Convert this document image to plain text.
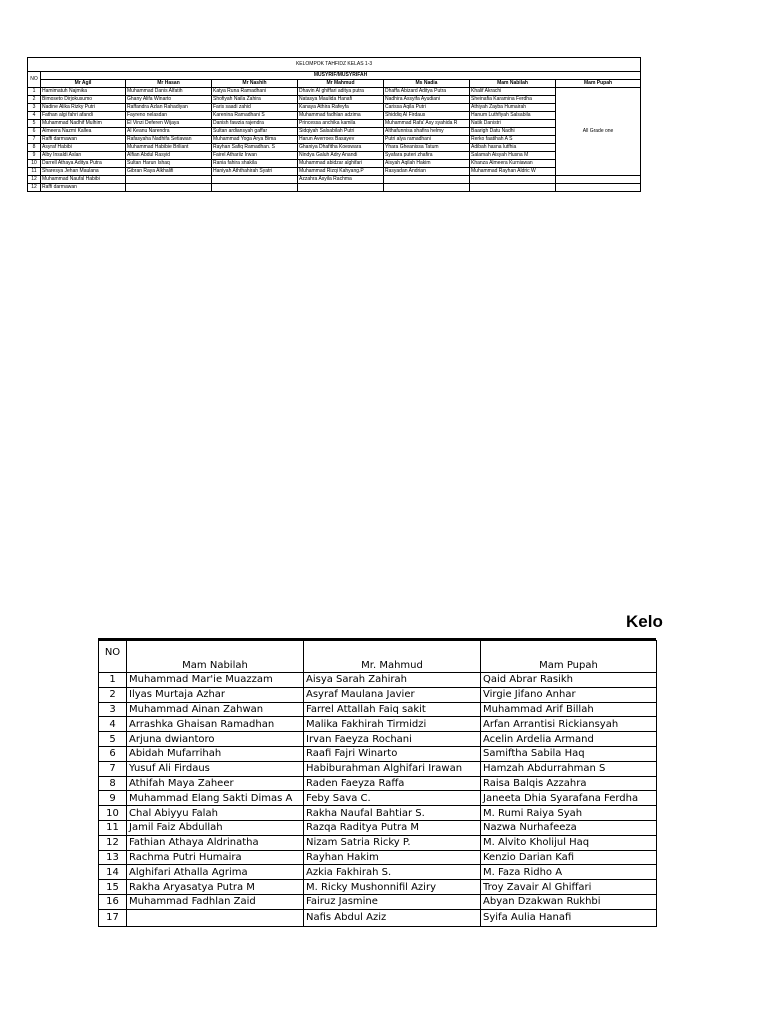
KELOMPOK TAHFIDZ KELAS 1-3							
NO	MUSYRIF/MUSYRIFAH						
	Mr Agil	Mr Hasan	Mr Nashih	Mr Mahmud	Ms Nadia	Mam Nabilah	Mam Pupah
1	Hamimatuh Najmika	Muhammad Danis Alfatih	Katya Runa Ramadhani	Dhavin Al ghiffari aditya putra	Dhaffa Abizard Aditya Putra	Khalif Akrachi	All Grade one
2	Bimoseto Dirjokusumo	Ghany Alifa Winarto	Shofiyah Naila Zahira	Natasya Maulida Hanafi	Nadhira Assyifa Ayudiani	Sheinafia Karamina Ferdha	
3	Nadine Alika Rizky Putri	Raffandra Azlan Rahadiyan	Faris saadi zahid	Kanaya Athira Rafeyfa	Carissa Aqila Putri	Athiyah Zayba Humairah	
4	Fathan algi fahri afandi	Fayreno nelasdan	Karenina Ramadhani S	Muhammad fadhlan adzima	Shiddiq Al Firdaus	Hanum Luthfiyah Salsabila	
5	Muhammad Nadhif Mulhim	El Vinzi Deferen Wijaya	Danish fawzia rajendra	Princessa anchika kamila	Muhammad Rafa' Asy syahida R	Natik Danistri	
6	Almeera Nazmi Kallea	Al Keanu Narendra	Sultan ardiansyah gaffar	Sidqiyah Salsabilah Putri	Althafunnisa shafira helmy	Baarigh Datu Nadhi	
7	Raffi darmawan	Rafasyaha Nadhifa Setiawan	Muhammad Yoga Arya Bima	Harun Averroes Basayev	Putri alya ramadhani	Rerko faatihah A S	
8	Asyraf Habibi	Muhammad Habibie Briliant	Rayhan Safiq Ramadhan. S	Ghaniya Dhafitha Koeswara	Yhara Gheanissa Tatum	Adibah hasna lutfhia	
9	Alby Insaldi Aslan	Alfian Abdul Rasyid	Fairel Athariiz Irwan	Nindya Galuh Adry Anandi	Syafara puteri zhafira	Salamah Aisyah Husna M	
10	Darrell Athaya Aditya Putra	Sultan Harun Ishaq	Rania fahira shakila	Muhammad abidzar alghifari	Aisyah Aqilah Hakim	Khanza Almeera Kurniawan	
11	Sharesya Jehan Maulana	Gibran Raya Alkhalifi	Haniyah Aththahirah Syatri	Muhammad Rizqi Kahyang.P	Rasyadan Andrian	Muhammad Rayhan Aldric W	
12	Muhammad Naufal Habibi			Azzahra Asyila Rachma			
12	Raffi darmawan						
Kelo
NO	Mam Nabilah	Mr. Mahmud	Mam Pupah
1	Muhammad Mar'ie Muazzam	Aisya Sarah Zahirah	Qaid Abrar Rasikh
2	Ilyas Murtaja Azhar	Asyraf Maulana Javier	Virgie Jifano Anhar
3	Muhammad Ainan Zahwan	Farrel Attallah Faiq sakit	Muhammad Arif Billah
4	Arrashka Ghaisan Ramadhan	Malika Fakhirah Tirmidzi	Arfan Arrantisi Rickiansyah
5	Arjuna dwiantoro	Irvan Faeyza Rochani	Acelin Ardelia Armand
6	Abidah Mufarrihah	Raafi Fajri Winarto	Samiftha Sabila Haq
7	Yusuf Ali Firdaus	Habiburahman Alghifari Irawan	Hamzah Abdurrahman S
8	Athifah Maya Zaheer	Raden Faeyza Raffa	Raisa Balqis Azzahra
9	Muhammad Elang Sakti Dimas A	Feby Sava C.	Janeeta Dhia Syarafana Ferdha
10	Chal Abiyyu Falah	Rakha Naufal Bahtiar S.	M. Rumi Raiya Syah
11	Jamil Faiz Abdullah	Razqa Raditya Putra M	Nazwa Nurhafeeza
12	Fathian Athaya Aldrinatha	Nizam Satria Ricky P.	M. Alvito Kholijul Haq
13	Rachma Putri Humaira	Rayhan Hakim	Kenzio Darian Kafi
14	Alghifari Athalla Agrima	Azkia Fakhirah S.	M. Faza Ridho A
15	Rakha Aryasatya Putra M	M. Ricky Mushonnifil Aziry	Troy Zavair Al Ghiffari
16	Muhammad Fadhlan Zaid	Fairuz Jasmine	Abyan Dzakwan Rukhbi
17		Nafis Abdul Aziz	Syifa Aulia Hanafi
